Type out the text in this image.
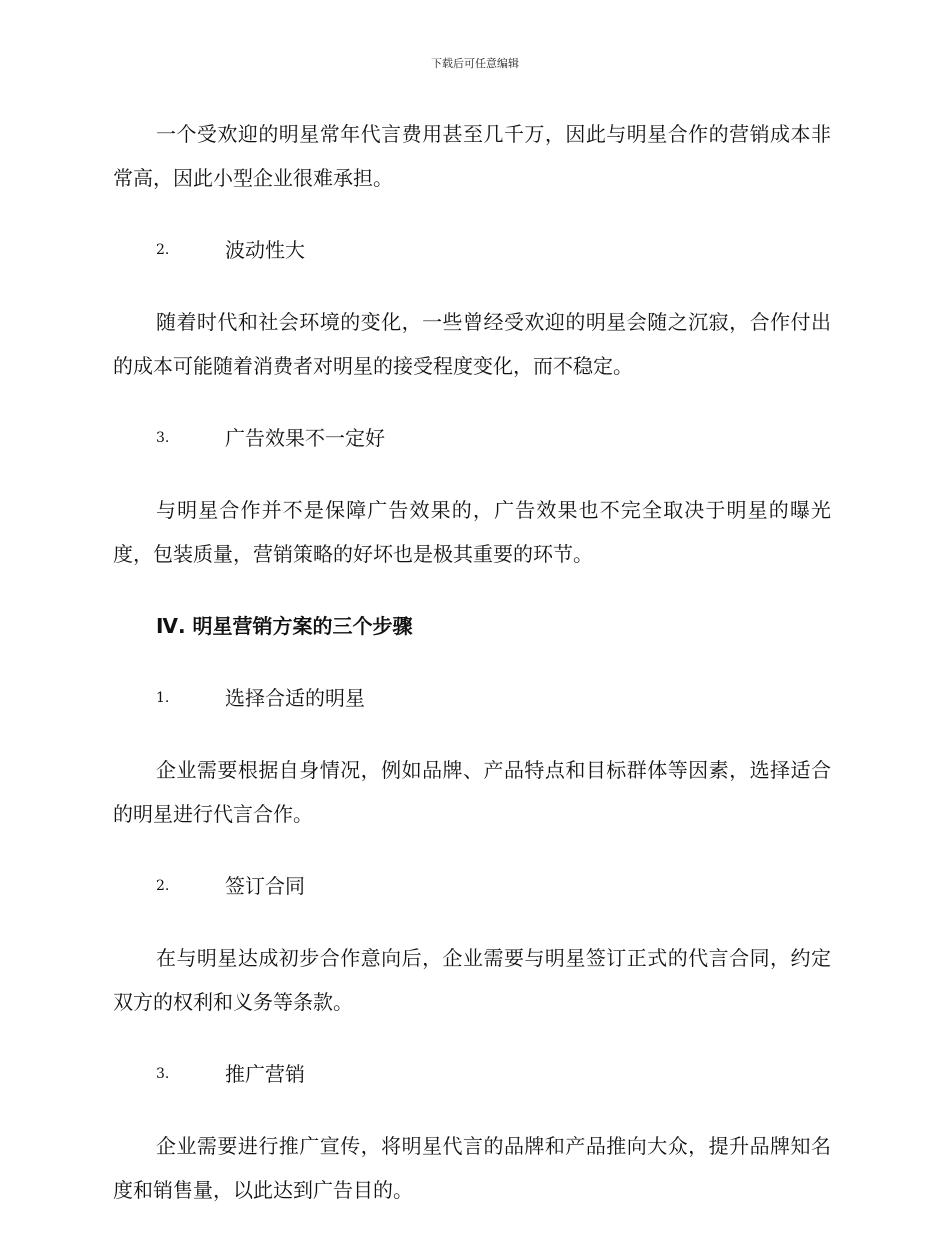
下载后可任意编辑

一个受欢迎的明星常年代言费用甚至几千万，因此与明星合作的营销成本非常高，因此小型企业很难承担。

2.	波动性大

随着时代和社会环境的变化，一些曾经受欢迎的明星会随之沉寂，合作付出的成本可能随着消费者对明星的接受程度变化，而不稳定。

3.	广告效果不一定好

与明星合作并不是保障广告效果的，广告效果也不完全取决于明星的曝光度，包装质量，营销策略的好坏也是极其重要的环节。

Ⅳ. 明星营销方案的三个步骤
1.	选择合适的明星

企业需要根据自身情况，例如品牌、产品特点和目标群体等因素，选择适合的明星进行代言合作。

2.	签订合同

在与明星达成初步合作意向后，企业需要与明星签订正式的代言合同，约定双方的权利和义务等条款。

3.	推广营销

企业需要进行推广宣传，将明星代言的品牌和产品推向大众，提升品牌知名度和销售量，以此达到广告目的。
